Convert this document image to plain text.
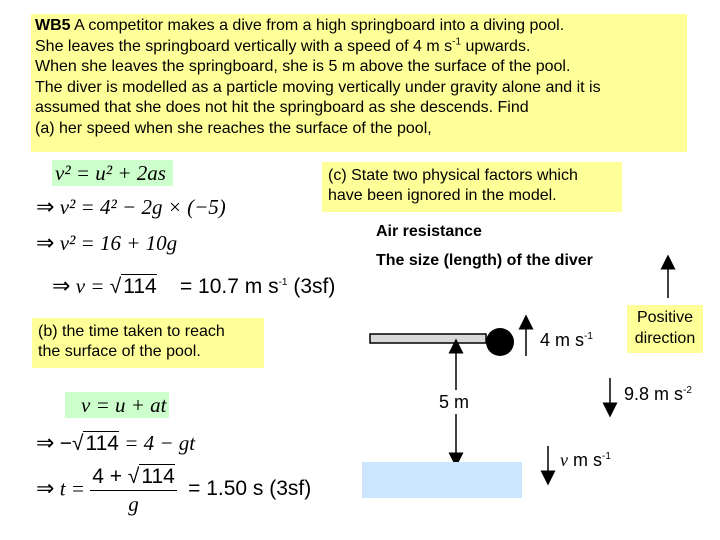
WB5 A competitor makes a dive from a high springboard into a diving pool.
She leaves the springboard vertically with a speed of 4 m $s^{-1}$ upwards.
When she leaves the springboard, she is 5 m above the surface of the pool.
The diver is modelled as a particle moving vertically under gravity alone and it is
assumed that she does not hit the springboard as she descends. Find
(a) her speed when she reaches the surface of the pool,
v² = u² + 2as
⇒ v² = 4² − 2g × (−5)
⇒ v² = 16 + 10g
⇒ v = √114 = 10.7 m $s^{-1}$ (3sf)
(c) State two physical factors which
have been ignored in the model.
Air resistance
The size (length) of the diver
(b) the time taken to reach
the surface of the pool.
v = u + at
⇒ −√114 = 4 − gt
⇒ $t = \frac{4 + √114}{g} = 1.50$ s (3sf)
4 m $s^{-1}$
5 m	9.8 m $s^{-2}$
v m $s^{-1}$
Positive
direction
